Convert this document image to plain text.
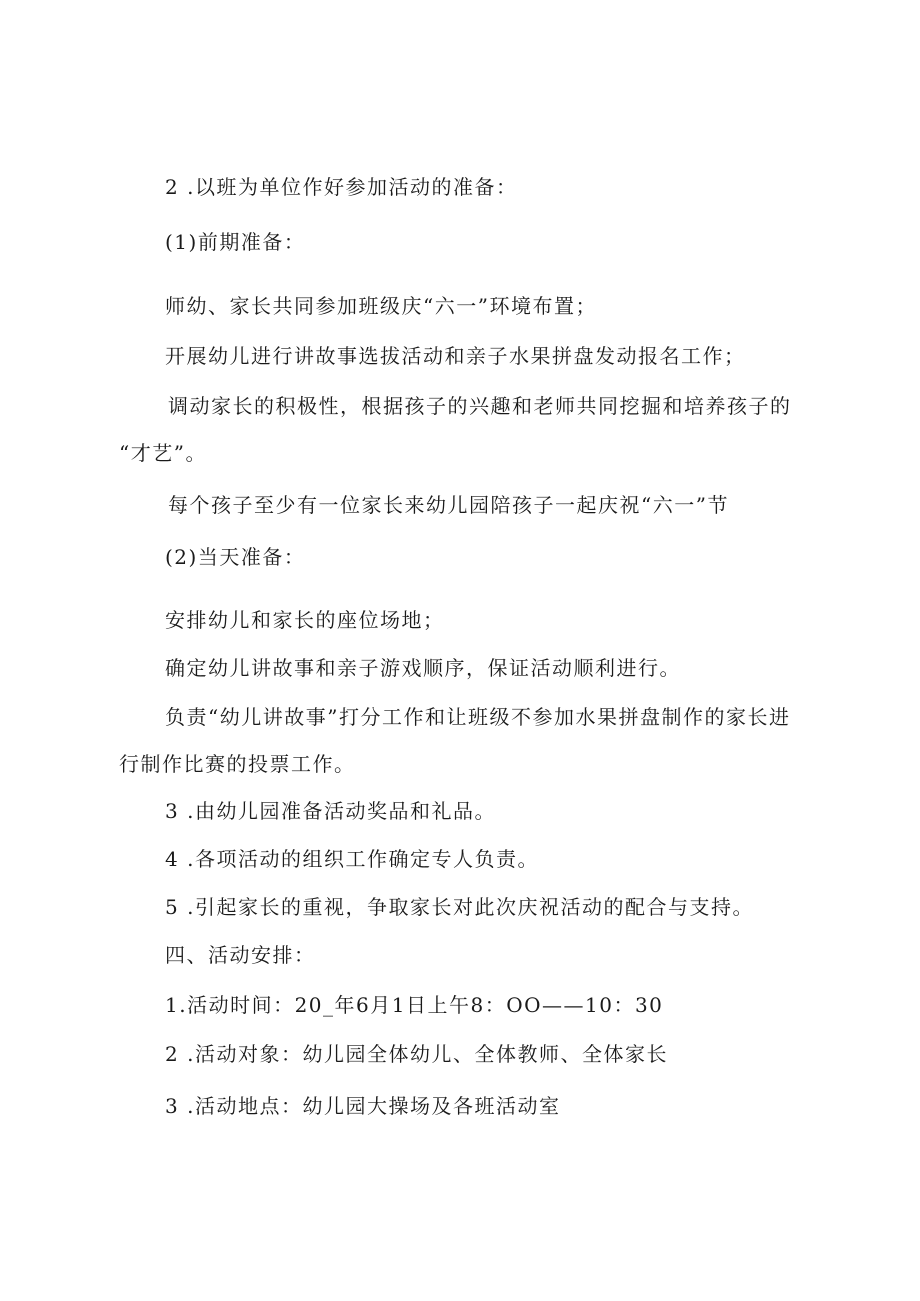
2 .以班为单位作好参加活动的准备：
(1)前期准备：
师幼、家长共同参加班级庆“六一”环境布置；
开展幼儿进行讲故事选拔活动和亲子水果拼盘发动报名工作；
调动家长的积极性，根据孩子的兴趣和老师共同挖掘和培养孩子的
“才艺”。
每个孩子至少有一位家长来幼儿园陪孩子一起庆祝“六一”节
(2)当天准备：
安排幼儿和家长的座位场地；
确定幼儿讲故事和亲子游戏顺序，保证活动顺利进行。
负责“幼儿讲故事”打分工作和让班级不参加水果拼盘制作的家长进
行制作比赛的投票工作。
3 .由幼儿园准备活动奖品和礼品。
4 .各项活动的组织工作确定专人负责。
5 .引起家长的重视，争取家长对此次庆祝活动的配合与支持。
四、活动安排：
1.活动时间：20_年6月1日上午8：OO——10：30
2 .活动对象：幼儿园全体幼儿、全体教师、全体家长
3 .活动地点：幼儿园大操场及各班活动室
